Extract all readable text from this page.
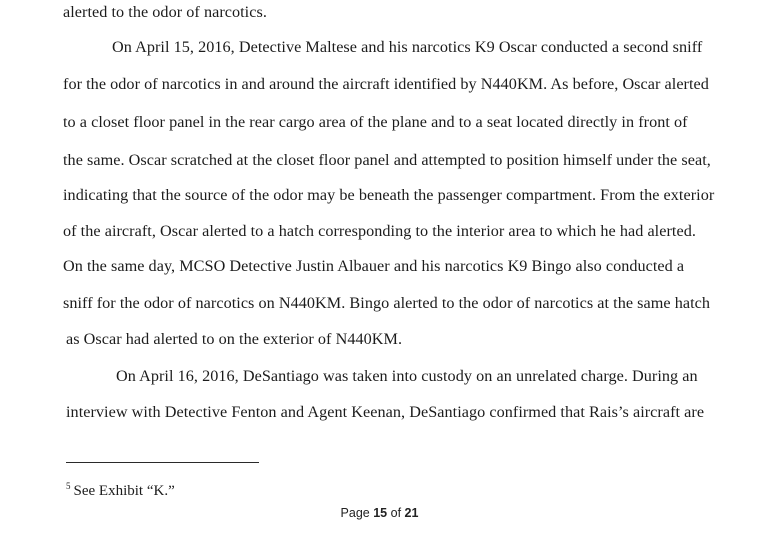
alerted to the odor of narcotics.
On April 15, 2016, Detective Maltese and his narcotics K9 Oscar conducted a second sniff
for the odor of narcotics in and around the aircraft identified by N440KM. As before, Oscar alerted
to a closet floor panel in the rear cargo area of the plane and to a seat located directly in front of
the same. Oscar scratched at the closet floor panel and attempted to position himself under the seat,
indicating that the source of the odor may be beneath the passenger compartment. From the exterior
of the aircraft, Oscar alerted to a hatch corresponding to the interior area to which he had alerted.
On the same day, MCSO Detective Justin Albauer and his narcotics K9 Bingo also conducted a
sniff for the odor of narcotics on N440KM. Bingo alerted to the odor of narcotics at the same hatch
as Oscar had alerted to on the exterior of N440KM.
On April 16, 2016, DeSantiago was taken into custody on an unrelated charge. During an
interview with Detective Fenton and Agent Keenan, DeSantiago confirmed that Rais’s aircraft are
$^5$ See Exhibit “K.”
Page 15 of 21
